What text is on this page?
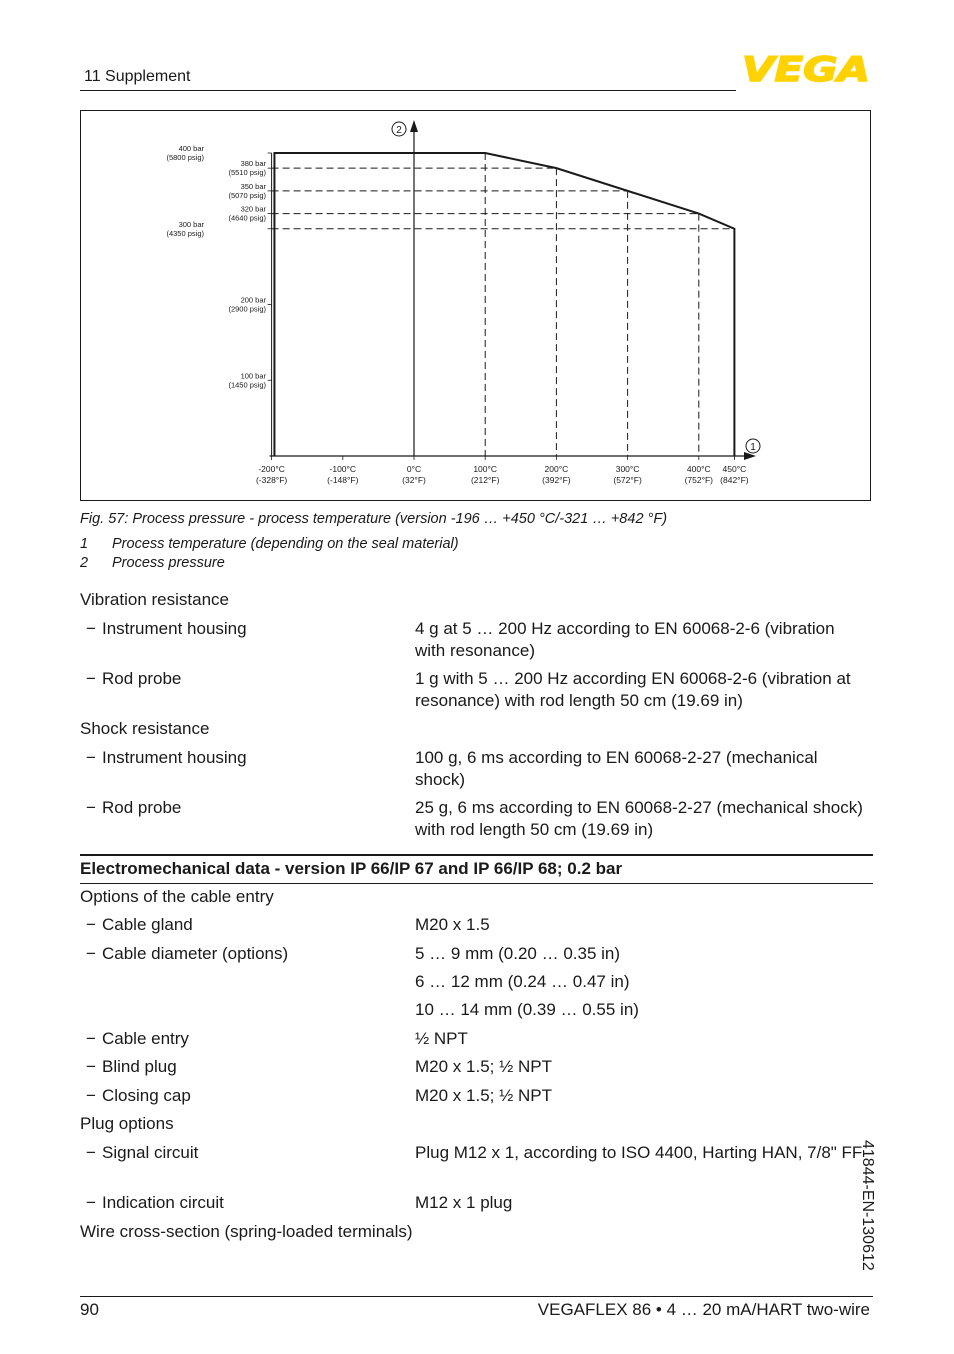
11 Supplement	VEGA
400 bar
(5800 psig)
380 bar
(5510 psig)
350 bar
(5070 psig)
320 bar
(4640 psig)
300 bar
(4350 psig)
200 bar
(2900 psig)
100 bar
(1450 psig)
-200°C
(-328°F)
-100°C
(-148°F)
0°C
(32°F)
100°C
(212°F)
200°C
(392°F)
300°C
(572°F)
400°C
(752°F)
450°C
(842°F)
2
1
Fig. 57: Process pressure - process temperature (version -196 … +450 °C/-321 … +842 °F)
1 Process temperature (depending on the seal material)
2 Process pressure
Vibration resistance
− Instrument housing	4 g at 5 … 200 Hz according to EN 60068-2-6 (vibration with resonance)
− Rod probe	1 g with 5 … 200 Hz according EN 60068-2-6 (vibration at resonance) with rod length 50 cm (19.69 in)
Shock resistance
− Instrument housing	100 g, 6 ms according to EN 60068-2-27 (mechanical shock)
− Rod probe	25 g, 6 ms according to EN 60068-2-27 (mechanical shock) with rod length 50 cm (19.69 in)
Electromechanical data - version IP 66/IP 67 and IP 66/IP 68; 0.2 bar
Options of the cable entry
− Cable gland	M20 x 1.5
− Cable diameter (options)	5 … 9 mm (0.20 … 0.35 in)
6 … 12 mm (0.24 … 0.47 in)
10 … 14 mm (0.39 … 0.55 in)
− Cable entry	½ NPT
− Blind plug	M20 x 1.5; ½ NPT
− Closing cap	M20 x 1.5; ½ NPT
Plug options
− Signal circuit	Plug M12 x 1, according to ISO 4400, Harting HAN, 7/8" FF
− Indication circuit	M12 x 1 plug
Wire cross-section (spring-loaded terminals)	41844-EN-130612
90	VEGAFLEX 86 • 4 … 20 mA/HART two-wire
